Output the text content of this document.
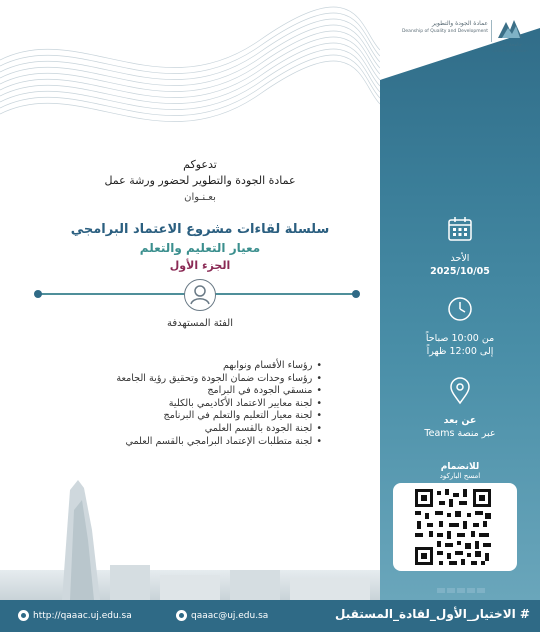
جامعة جدة
University of Jeddah
عمادة الجودة والتطوير
Deanship of Quality and Development
تدعوكم
عمادة الجودة والتطوير لحضور ورشة عمل
بعـنـوان
سلسلة لقاءات مشروع الاعتماد البرامجي
معيار التعليم والتعلم
الجزء الأول
الفئة المستهدفة
• رؤساء الأقسام ونوابهم
• رؤساء وحدات ضمان الجودة وتحقيق رؤية الجامعة
• منسقي الجودة في البرامج
• لجنة معايير الاعتماد الأكاديمي بالكلية
• لجنة معيار التعليم والتعلم في البرنامج
• لجنة الجودة بالقسم العلمي
• لجنة متطلبات الإعتماد البرامجي بالقسم العلمي
الأحد
2025/10/05
من 10:00 صباحاً
إلى 12:00 ظهراً
عن بعد
عبر منصة Teams
للانضمام
امسح الباركود
http://qaaac.uj.edu.sa	qaaac@uj.edu.sa	# الاختيار_الأول_لقادة_المستقبل
